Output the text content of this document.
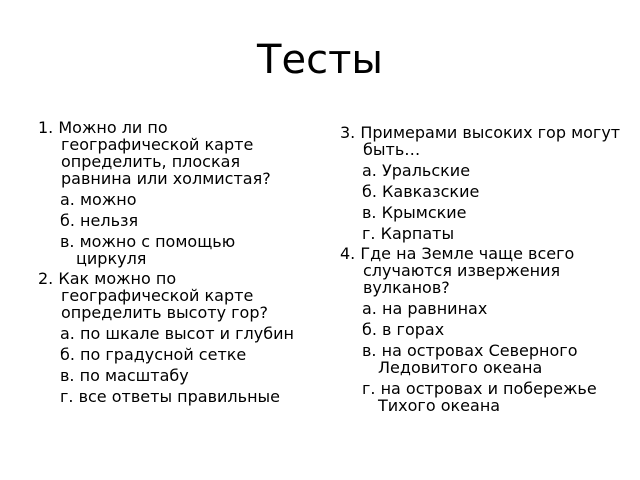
Тесты
1. Можно ли по географической карте определить, плоская равнина или холмистая?
а. можно
б. нельзя
в. можно с помощью циркуля
2. Как можно по географической карте определить высоту гор?
а. по шкале высот и глубин
б. по градусной сетке
в. по масштабу
г. все ответы правильные
3. Примерами высоких гор могут быть…
а. Уральские
б. Кавказские
в. Крымские
г. Карпаты
4. Где на Земле чаще всего случаются извержения вулканов?
а. на равнинах
б. в горах
в. на островах Северного Ледовитого океана
г. на островах и побережье Тихого океана
